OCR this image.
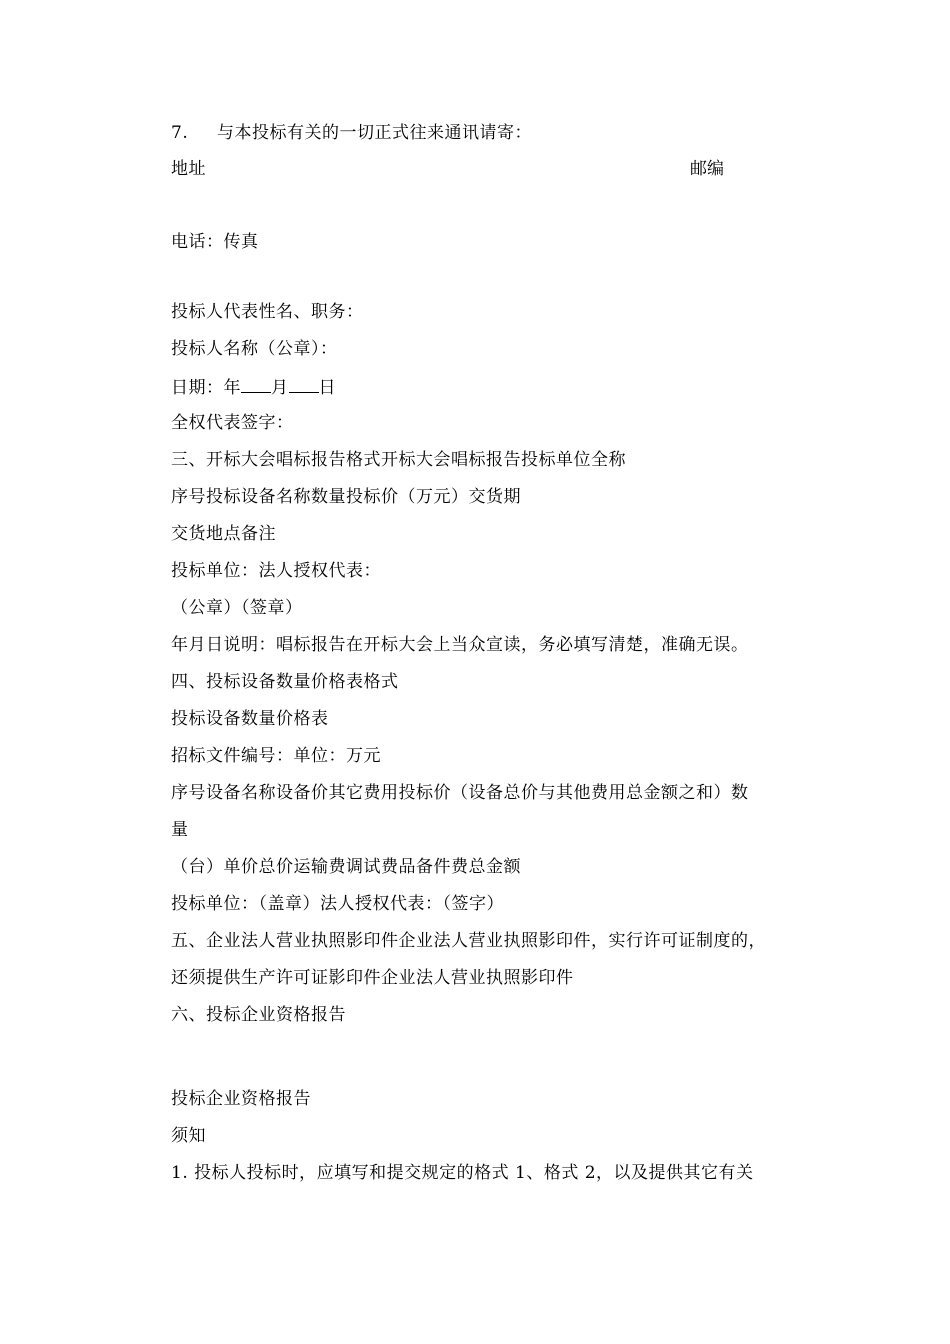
7. 与本投标有关的一切正式往来通讯请寄：
地址	邮编
电话：传真
投标人代表性名、职务：
投标人名称（公章）：
日期：年 月 日
全权代表签字：
三、开标大会唱标报告格式开标大会唱标报告投标单位全称
序号投标设备名称数量投标价（万元）交货期
交货地点备注
投标单位：法人授权代表：
（公章）（签章）
年月日说明：唱标报告在开标大会上当众宣读，务必填写清楚，准确无误。
四、投标设备数量价格表格式
投标设备数量价格表
招标文件编号：单位：万元
序号设备名称设备价其它费用投标价（设备总价与其他费用总金额之和）数
量
（台）单价总价运输费调试费品备件费总金额
投标单位：（盖章）法人授权代表：（签字）
五、企业法人营业执照影印件企业法人营业执照影印件，实行许可证制度的，
还须提供生产许可证影印件企业法人营业执照影印件
六、投标企业资格报告
投标企业资格报告
须知
1. 投标人投标时，应填写和提交规定的格式 1、格式 2，以及提供其它有关
